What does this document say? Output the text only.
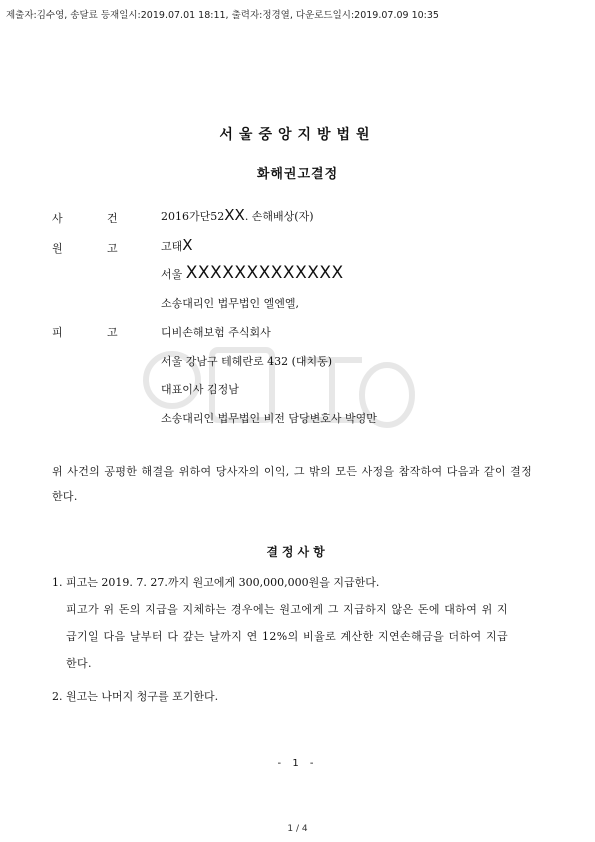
제출자:김수영, 송달료 등재일시:2019.07.01 18:11, 출력자:정경열, 다운로드일시:2019.07.09 10:35
서울중앙지방법원
화해권고결정
사	건	2016가단52XX. 손해배상(자)
원	고	고태X
서울 XXXXXXXXXXXXX
소송대리인 법무법인 엘엔엘,
피	고	디비손해보험 주식회사
서울 강남구 테헤란로 432 (대치동)
대표이사 김정남
소송대리인 법무법인 비전 담당변호사 박영만
위 사건의 공평한 해결을 위하여 당사자의 이익, 그 밖의 모든 사정을 참작하여 다음과 같이 결정한다.
결정사항
1. 피고는 2019. 7. 27.까지 원고에게 300,000,000원을 지급한다.
피고가 위 돈의 지급을 지체하는 경우에는 원고에게 그 지급하지 않은 돈에 대하여 위 지급기일 다음 날부터 다 갚는 날까지 연 12%의 비율로 계산한 지연손해금을 더하여 지급한다.
2. 원고는 나머지 청구를 포기한다.
- 1 -
1 / 4
